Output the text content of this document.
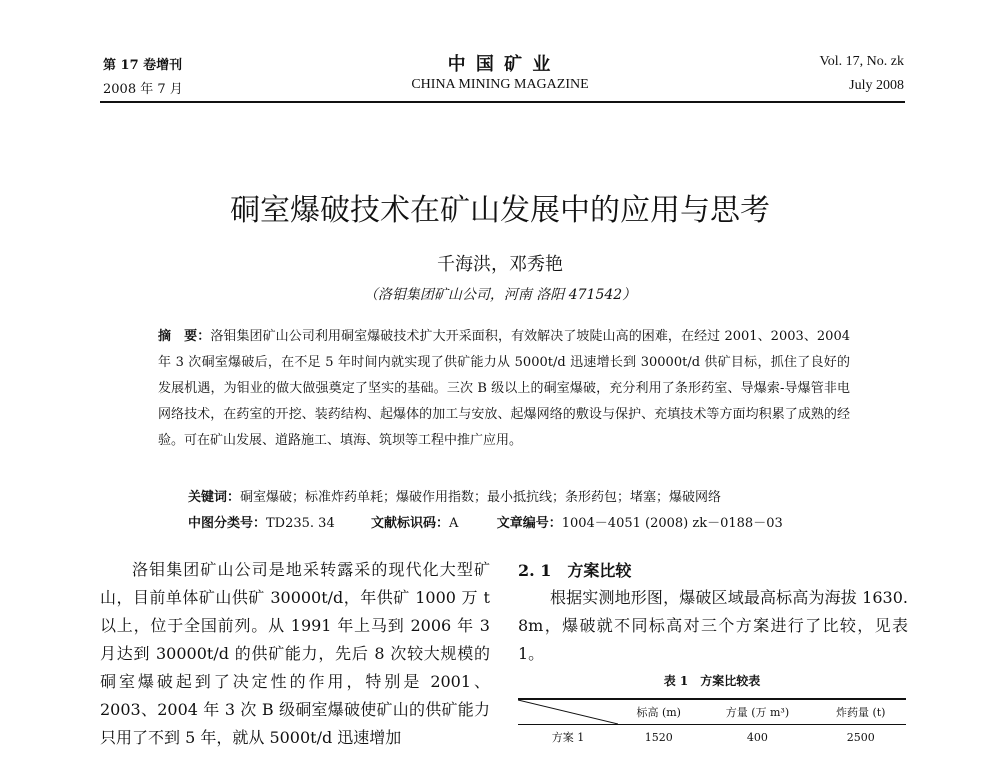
第 17 卷增刊
2008 年 7 月
中 国 矿 业
CHINA MINING MAGAZINE
Vol. 17, No. zk
July 2008
硐室爆破技术在矿山发展中的应用与思考
千海洪，邓秀艳
（洛钼集团矿山公司，河南 洛阳 471542）
摘　要：洛钼集团矿山公司利用硐室爆破技术扩大开采面积，有效解决了坡陡山高的困难，在经过 2001、2003、2004 年 3 次硐室爆破后，在不足 5 年时间内就实现了供矿能力从 5000t/d 迅速增长到 30000t/d 供矿目标，抓住了良好的发展机遇，为钼业的做大做强奠定了坚实的基础。三次 B 级以上的硐室爆破，充分利用了条形药室、导爆索-导爆管非电网络技术，在药室的开挖、装药结构、起爆体的加工与安放、起爆网络的敷设与保护、充填技术等方面均积累了成熟的经验。可在矿山发展、道路施工、填海、筑坝等工程中推广应用。
关键词：硐室爆破；标准炸药单耗；爆破作用指数；最小抵抗线；条形药包；堵塞；爆破网络
中图分类号：TD235. 34	文献标识码：A	文章编号：1004－4051 (2008) zk－0188－03

洛钼集团矿山公司是地采转露采的现代化大型矿山，目前单体矿山供矿 30000t/d，年供矿 1000 万 t 以上，位于全国前列。从 1991 年上马到 2006 年 3 月达到 30000t/d 的供矿能力，先后 8 次较大规模的硐室爆破起到了决定性的作用，特别是 2001、2003、2004 年 3 次 B 级硐室爆破使矿山的供矿能力只用了不到 5 年，就从 5000t/d 迅速增加

2. 1　方案比较

根据实测地形图，爆破区域最高标高为海拔 1630. 8m，爆破就不同标高对三个方案进行了比较，见表 1。

表 1　方案比较表
	标高 (m)	方量 (万 m³)	炸药量 (t)
方案 1	1520	400	2500
